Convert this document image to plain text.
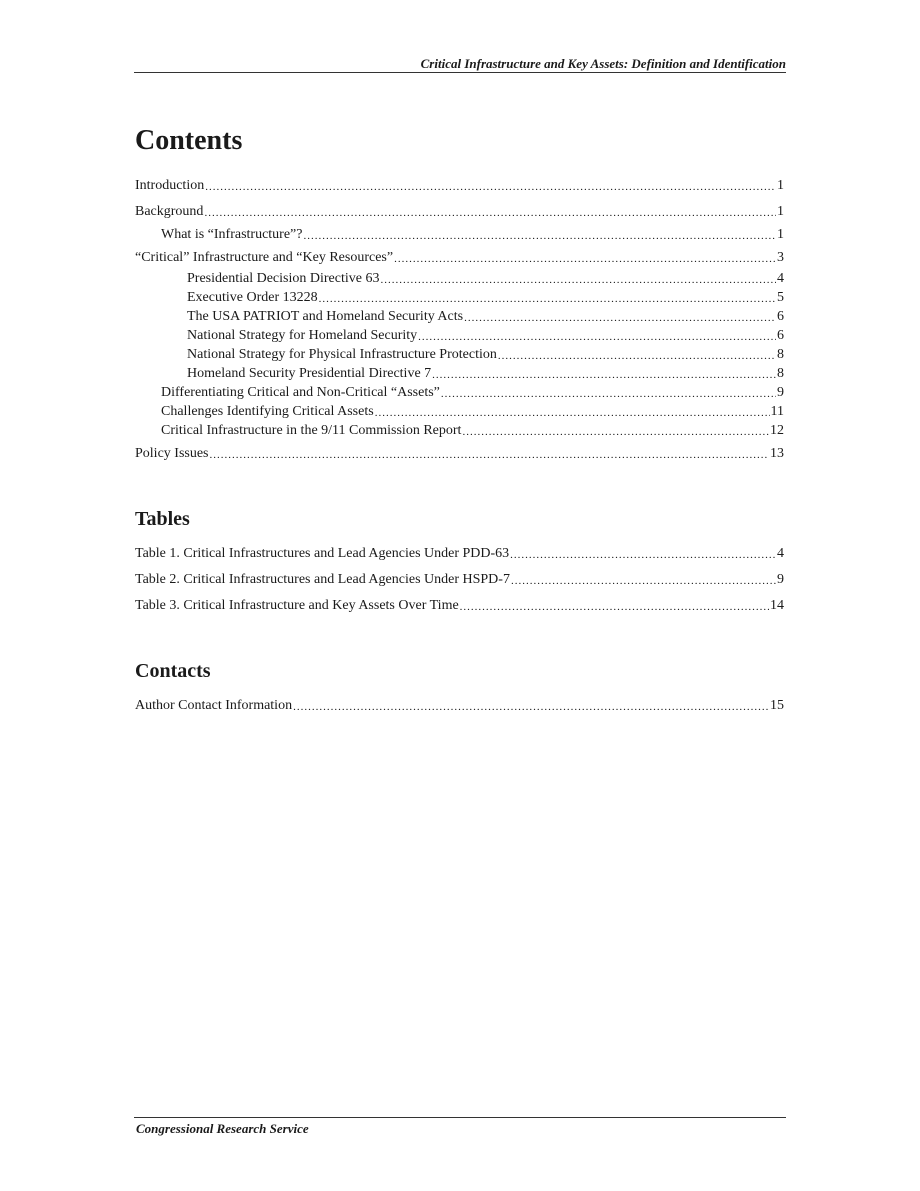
Critical Infrastructure and Key Assets: Definition and Identification
Contents
Introduction .....	1
Background .....	1
What is “Infrastructure”? .....	1
“Critical” Infrastructure and “Key Resources” .....	3
Presidential Decision Directive 63 .....	4
Executive Order 13228 .....	5
The USA PATRIOT and Homeland Security Acts .....	6
National Strategy for Homeland Security .....	6
National Strategy for Physical Infrastructure Protection .....	8
Homeland Security Presidential Directive 7 .....	8
Differentiating Critical and Non-Critical “Assets” .....	9
Challenges Identifying Critical Assets .....	11
Critical Infrastructure in the 9/11 Commission Report .....	12
Policy Issues .....	13
Tables
Table 1. Critical Infrastructures and Lead Agencies Under PDD-63 .....	4
Table 2. Critical Infrastructures and Lead Agencies Under HSPD-7 .....	9
Table 3. Critical Infrastructure and Key Assets Over Time .....	14
Contacts
Author Contact Information .....	15
Congressional Research Service
